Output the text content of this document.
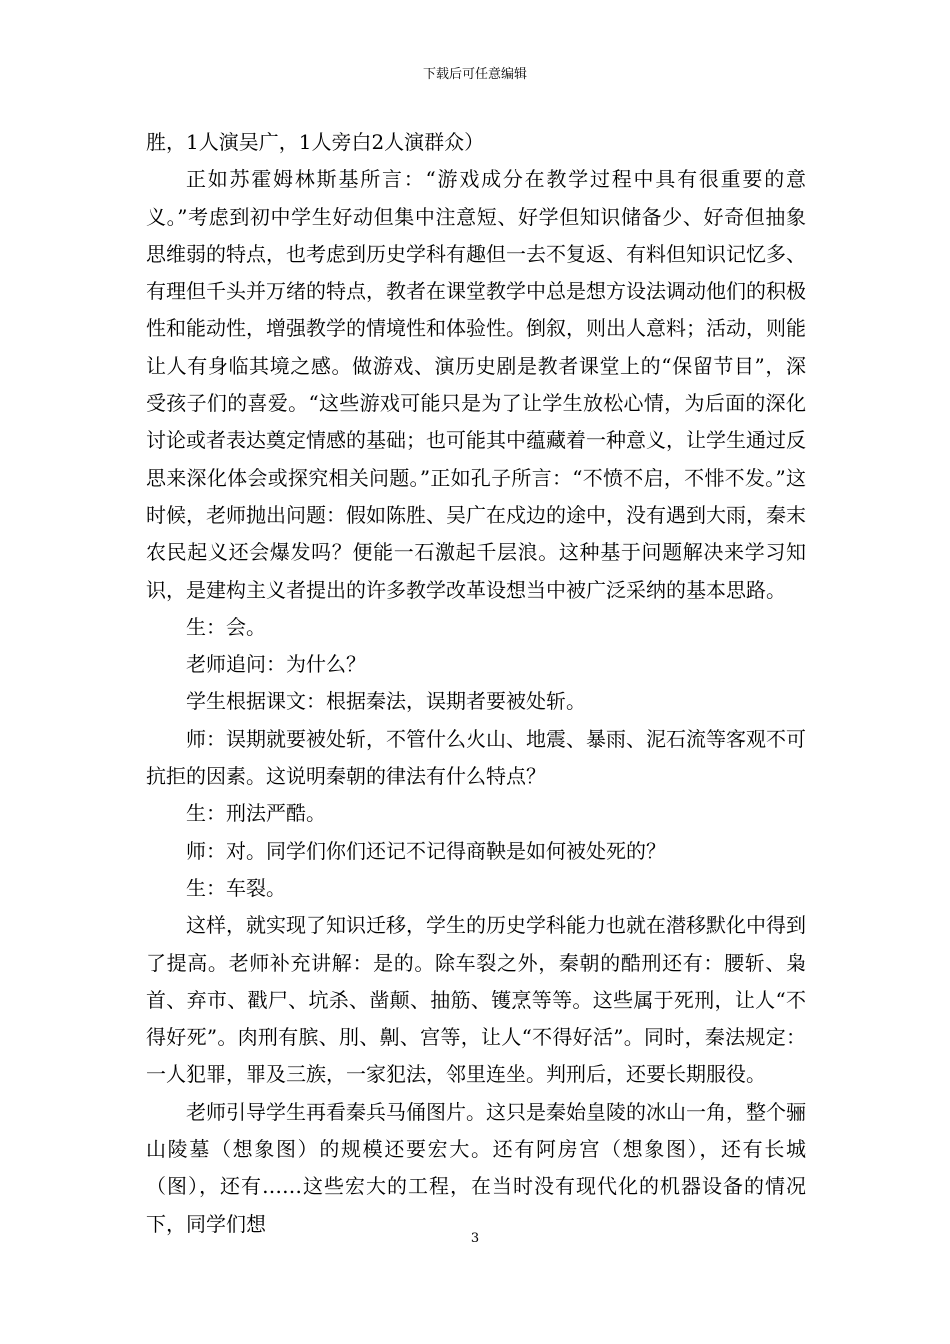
下载后可任意编辑

胜，1人演吴广，1人旁白2人演群众）

正如苏霍姆林斯基所言：“游戏成分在教学过程中具有很重要的意义。”考虑到初中学生好动但集中注意短、好学但知识储备少、好奇但抽象思维弱的特点，也考虑到历史学科有趣但一去不复返、有料但知识记忆多、有理但千头并万绪的特点，教者在课堂教学中总是想方设法调动他们的积极性和能动性，增强教学的情境性和体验性。倒叙，则出人意料；活动，则能让人有身临其境之感。做游戏、演历史剧是教者课堂上的“保留节目”，深受孩子们的喜爱。“这些游戏可能只是为了让学生放松心情，为后面的深化讨论或者表达奠定情感的基础；也可能其中蕴藏着一种意义，让学生通过反思来深化体会或探究相关问题。”正如孔子所言：“不愤不启，不悱不发。”这时候，老师抛出问题：假如陈胜、吴广在戍边的途中，没有遇到大雨，秦末农民起义还会爆发吗？便能一石激起千层浪。这种基于问题解决来学习知识，是建构主义者提出的许多教学改革设想当中被广泛采纳的基本思路。

生：会。

老师追问：为什么？

学生根据课文：根据秦法，误期者要被处斩。

师：误期就要被处斩，不管什么火山、地震、暴雨、泥石流等客观不可抗拒的因素。这说明秦朝的律法有什么特点？

生：刑法严酷。

师：对。同学们你们还记不记得商鞅是如何被处死的？

生：车裂。

这样，就实现了知识迁移，学生的历史学科能力也就在潜移默化中得到了提高。老师补充讲解：是的。除车裂之外，秦朝的酷刑还有：腰斩、枭首、弃市、戳尸、坑杀、凿颠、抽筋、镬烹等等。这些属于死刑，让人“不得好死”。肉刑有膑、刖、劓、宫等，让人“不得好活”。同时，秦法规定：一人犯罪，罪及三族，一家犯法，邻里连坐。判刑后，还要长期服役。

老师引导学生再看秦兵马俑图片。这只是秦始皇陵的冰山一角，整个骊山陵墓（想象图）的规模还要宏大。还有阿房宫（想象图），还有长城（图），还有……这些宏大的工程，在当时没有现代化的机器设备的情况下，同学们想

3
